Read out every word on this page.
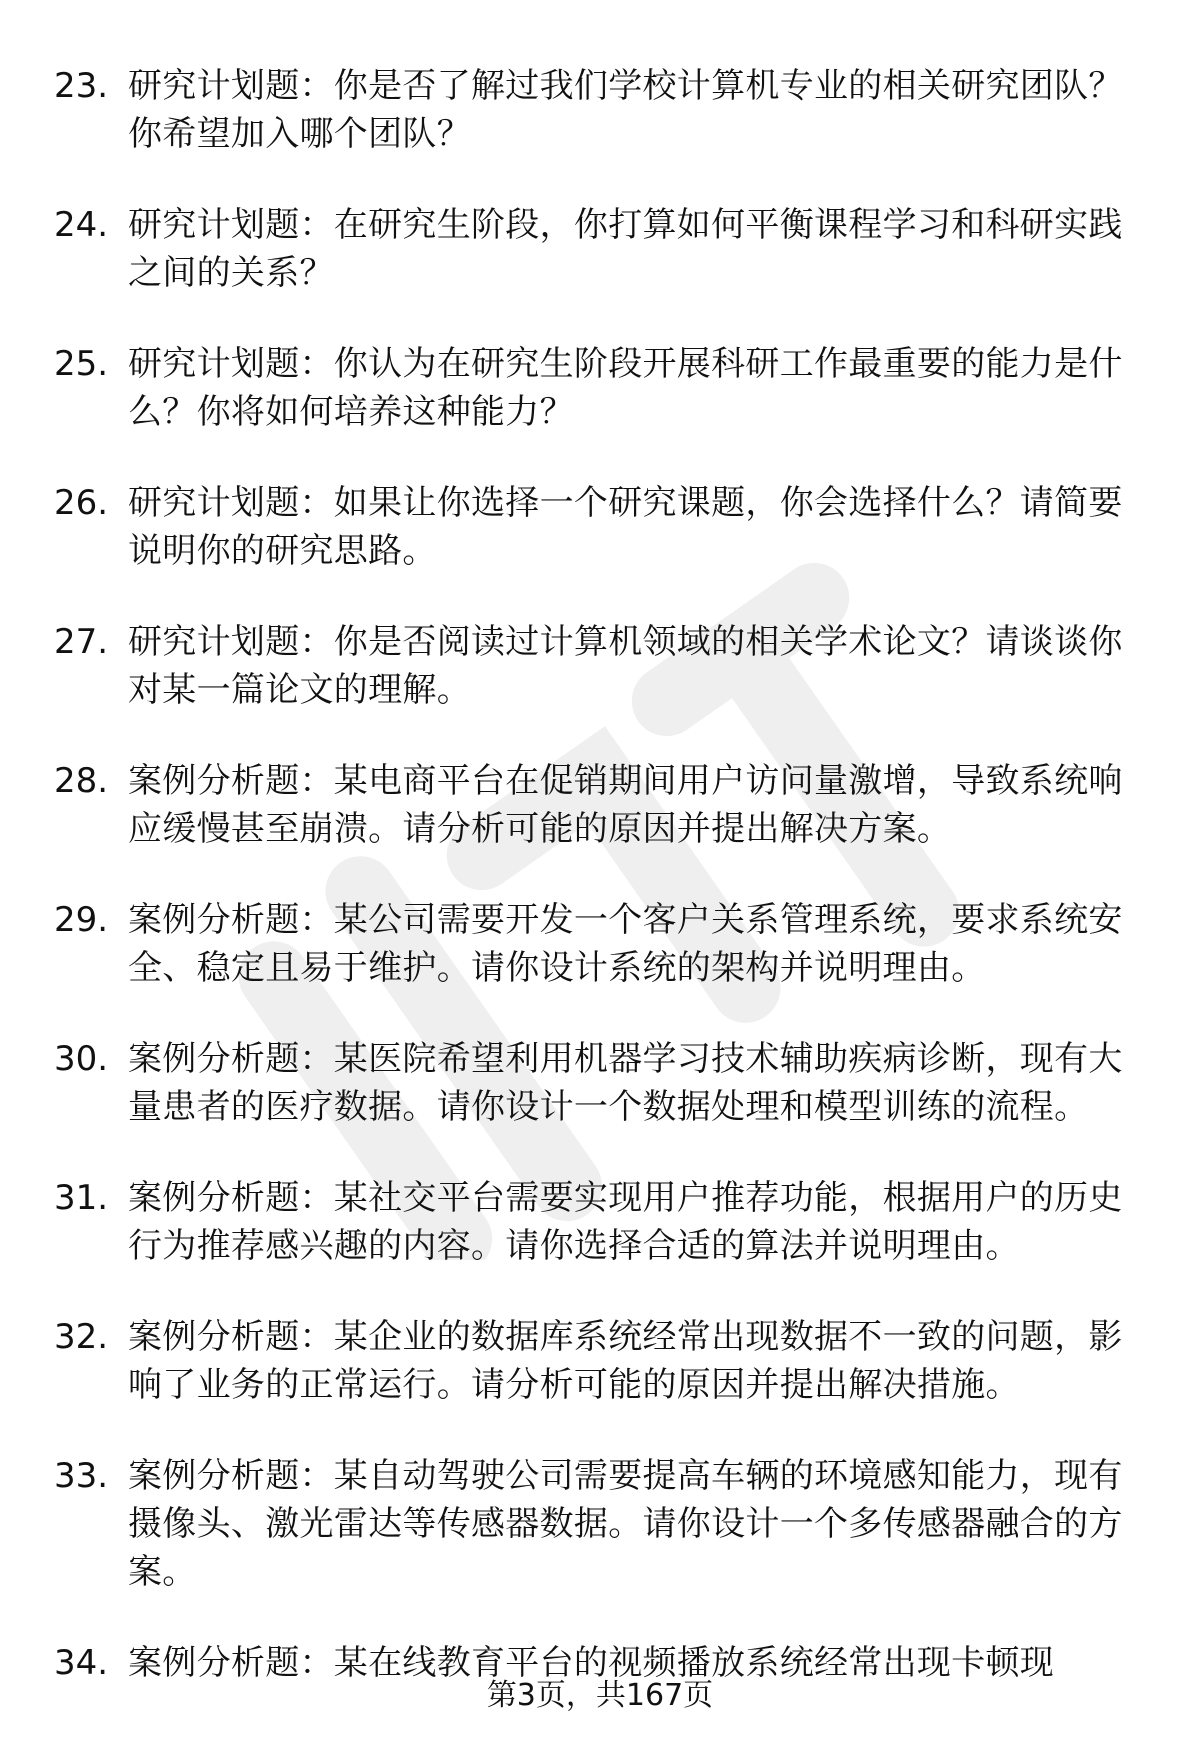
23. 研究计划题：你是否了解过我们学校计算机专业的相关研究团队？你希望加入哪个团队？
24. 研究计划题：在研究生阶段，你打算如何平衡课程学习和科研实践之间的关系？
25. 研究计划题：你认为在研究生阶段开展科研工作最重要的能力是什么？你将如何培养这种能力？
26. 研究计划题：如果让你选择一个研究课题，你会选择什么？请简要说明你的研究思路。
27. 研究计划题：你是否阅读过计算机领域的相关学术论文？请谈谈你对某一篇论文的理解。
28. 案例分析题：某电商平台在促销期间用户访问量激增，导致系统响应缓慢甚至崩溃。请分析可能的原因并提出解决方案。
29. 案例分析题：某公司需要开发一个客户关系管理系统，要求系统安全、稳定且易于维护。请你设计系统的架构并说明理由。
30. 案例分析题：某医院希望利用机器学习技术辅助疾病诊断，现有大量患者的医疗数据。请你设计一个数据处理和模型训练的流程。
31. 案例分析题：某社交平台需要实现用户推荐功能，根据用户的历史行为推荐感兴趣的内容。请你选择合适的算法并说明理由。
32. 案例分析题：某企业的数据库系统经常出现数据不一致的问题，影响了业务的正常运行。请分析可能的原因并提出解决措施。
33. 案例分析题：某自动驾驶公司需要提高车辆的环境感知能力，现有摄像头、激光雷达等传感器数据。请你设计一个多传感器融合的方案。
34. 案例分析题：某在线教育平台的视频播放系统经常出现卡顿现
第3页，共167页
